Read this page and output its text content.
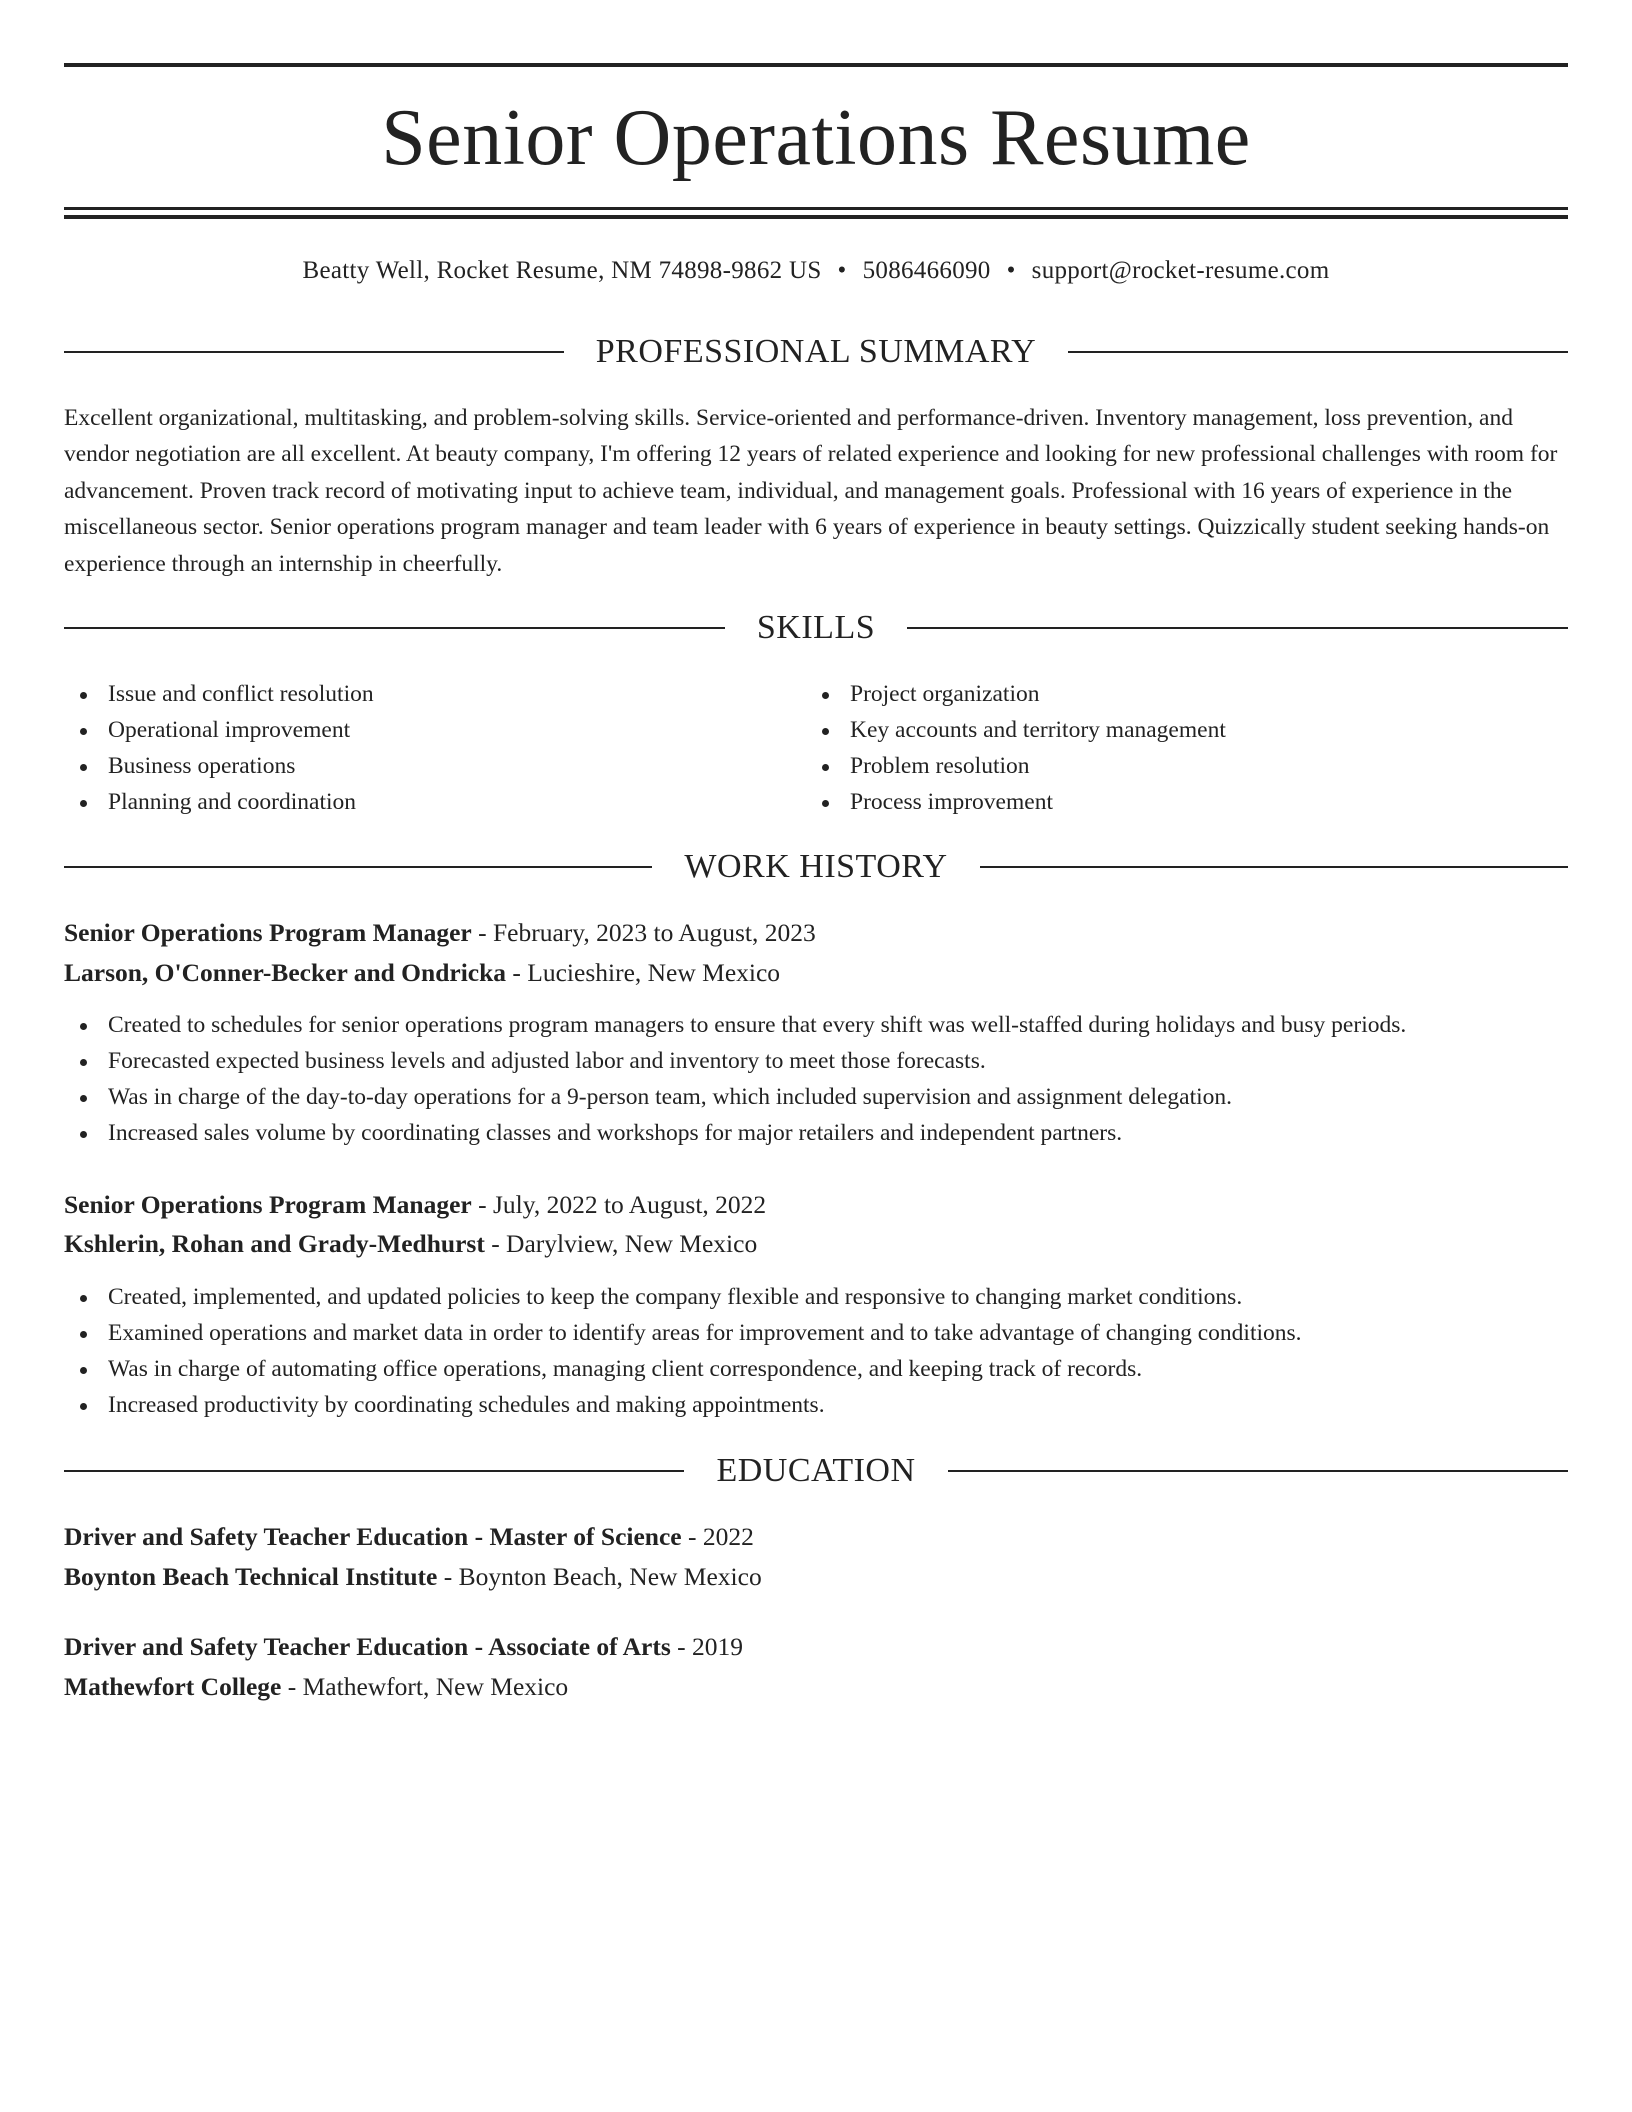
Senior Operations Resume
Beatty Well, Rocket Resume, NM 74898-9862 US • 5086466090 • support@rocket-resume.com
PROFESSIONAL SUMMARY

Excellent organizational, multitasking, and problem-solving skills. Service-oriented and performance-driven. Inventory management, loss prevention, and vendor negotiation are all excellent. At beauty company, I'm offering 12 years of related experience and looking for new professional challenges with room for advancement. Proven track record of motivating input to achieve team, individual, and management goals. Professional with 16 years of experience in the miscellaneous sector. Senior operations program manager and team leader with 6 years of experience in beauty settings. Quizzically student seeking hands-on experience through an internship in cheerfully.

SKILLS
Issue and conflict resolution
Operational improvement
Business operations
Planning and coordination
Project organization
Key accounts and territory management
Problem resolution
Process improvement
WORK HISTORY
Senior Operations Program Manager - February, 2023 to August, 2023
Larson, O'Conner-Becker and Ondricka - Lucieshire, New Mexico
Created to schedules for senior operations program managers to ensure that every shift was well-staffed during holidays and busy periods.
Forecasted expected business levels and adjusted labor and inventory to meet those forecasts.
Was in charge of the day-to-day operations for a 9-person team, which included supervision and assignment delegation.
Increased sales volume by coordinating classes and workshops for major retailers and independent partners.
Senior Operations Program Manager - July, 2022 to August, 2022
Kshlerin, Rohan and Grady-Medhurst - Darylview, New Mexico
Created, implemented, and updated policies to keep the company flexible and responsive to changing market conditions.
Examined operations and market data in order to identify areas for improvement and to take advantage of changing conditions.
Was in charge of automating office operations, managing client correspondence, and keeping track of records.
Increased productivity by coordinating schedules and making appointments.
EDUCATION
Driver and Safety Teacher Education - Master of Science - 2022
Boynton Beach Technical Institute - Boynton Beach, New Mexico
Driver and Safety Teacher Education - Associate of Arts - 2019
Mathewfort College - Mathewfort, New Mexico
